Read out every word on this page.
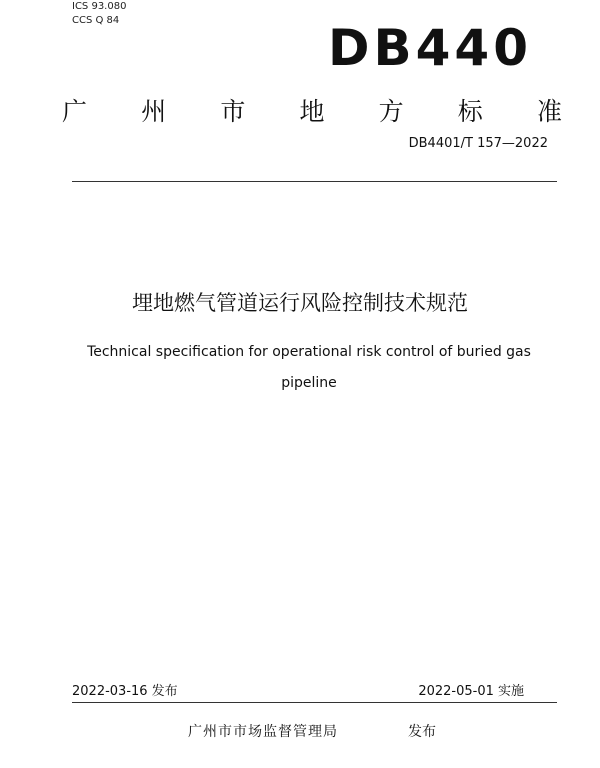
ICS 93.080
CCS Q 84	DB440
广 州 市 地 方 标 准
DB4401/T 157—2022
埋地燃气管道运行风险控制技术规范
Technical specification for operational risk control of buried gas
pipeline
2022-03-16 发布	2022-05-01 实施
广州市市场监督管理局	发布
